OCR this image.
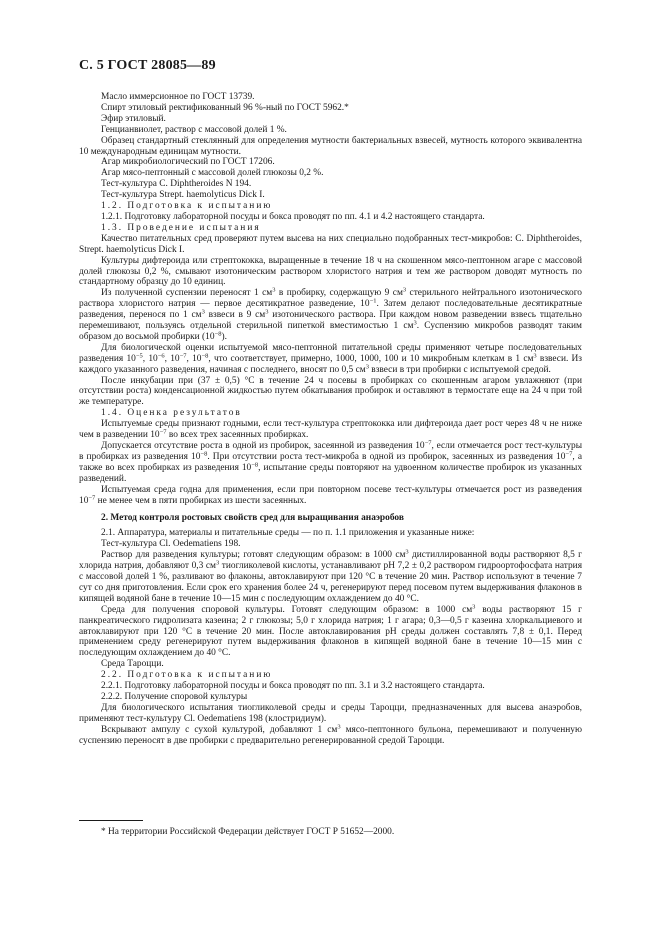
С. 5 ГОСТ 28085—89

Масло иммерсионное по ГОСТ 13739.

Спирт этиловый ректификованный 96 %-ный по ГОСТ 5962.*

Эфир этиловый.

Генцианвиолет, раствор с массовой долей 1 %.

Образец стандартный стеклянный для определения мутности бактериальных взвесей, мутность которого эквивалентна 10 международным единицам мутности.

Агар микробиологический по ГОСТ 17206.

Агар мясо-пептонный с массовой долей глюкозы 0,2 %.

Тест-культура C. Diphtheroides N 194.

Тест-культура Strept. haemolyticus Dick I.

1.2. Подготовка к испытанию

1.2.1. Подготовку лабораторной посуды и бокса проводят по пп. 4.1 и 4.2 настоящего стандарта.

1.3. Проведение испытания

Качество питательных сред проверяют путем высева на них специально подобранных тест-микробов: C. Diphtheroides, Strept. haemolyticus Dick I.

Культуры дифтероида или стрептококка, выращенные в течение 18 ч на скошенном мясо-пептонном агаре с массовой долей глюкозы 0,2 %, смывают изотоническим раствором хлористого натрия и тем же раствором доводят мутность по стандартному образцу до 10 единиц.

Из полученной суспензии переносят 1 $см^3$ в пробирку, содержащую 9 $см^3$ стерильного нейтрального изотонического раствора хлористого натрия — первое десятикратное разведение, $10^{-1}$. Затем делают последовательные десятикратные разведения, перенося по 1 $см^3$ взвеси в 9 $см^3$ изотонического раствора. При каждом новом разведении взвесь тщательно перемешивают, пользуясь отдельной стерильной пипеткой вместимостью 1 $см^3$. Суспензию микробов разводят таким образом до восьмой пробирки $(10^{-8})$.

Для биологической оценки испытуемой мясо-пептонной питательной среды применяют четыре последовательных разведения $10^{-5}$, $10^{-6}$, $10^{-7}$, $10^{-8}$, что соответствует, примерно, 1000, 1000, 100 и 10 микробным клеткам в 1 $см^3$ взвеси. Из каждого указанного разведения, начиная с последнего, вносят по 0,5 $см^3$ взвеси в три пробирки с испытуемой средой.

После инкубации при (37 ± 0,5) °С в течение 24 ч посевы в пробирках со скошенным агаром увлажняют (при отсутствии роста) конденсационной жидкостью путем обкатывания пробирок и оставляют в термостате еще на 24 ч при той же температуре.

1.4. Оценка результатов

Испытуемые среды признают годными, если тест-культура стрептококка или дифтероида дает рост через 48 ч не ниже чем в разведении $10^{-7}$ во всех трех засеянных пробирках.

Допускается отсутствие роста в одной из пробирок, засеянной из разведения $10^{-7}$, если отмечается рост тест-культуры в пробирках из разведения $10^{-8}$. При отсутствии роста тест-микроба в одной из пробирок, засеянных из разведения $10^{-7}$, а также во всех пробирках из разведения $10^{-8}$, испытание среды повторяют на удвоенном количестве пробирок из указанных разведений.

Испытуемая среда годна для применения, если при повторном посеве тест-культуры отмечается рост из разведения $10^{-7}$ не менее чем в пяти пробирках из шести засеянных.

2. Метод контроля ростовых свойств сред для выращивания анаэробов

2.1. Аппаратура, материалы и питательные среды — по п. 1.1 приложения и указанные ниже:

Тест-культура Cl. Oedematiens 198.

Раствор для разведения культуры; готовят следующим образом: в 1000 $см^3$ дистиллированной воды растворяют 8,5 г хлорида натрия, добавляют 0,3 $см^3$ тиогликолевой кислоты, устанавливают рН 7,2 ± 0,2 раствором гидроортофосфата натрия с массовой долей 1 %, разливают во флаконы, автоклавируют при 120 °С в течение 20 мин. Раствор используют в течение 7 сут со дня приготовления. Если срок его хранения более 24 ч, регенерируют перед посевом путем выдерживания флаконов в кипящей водяной бане в течение 10—15 мин с последующим охлаждением до 40 °С.

Среда для получения споровой культуры. Готовят следующим образом: в 1000 $см^3$ воды растворяют 15 г панкреатического гидролизата казеина; 2 г глюкозы; 5,0 г хлорида натрия; 1 г агара; 0,3—0,5 г казеина хлоркальциевого и автоклавируют при 120 °С в течение 20 мин. После автоклавирования рН среды должен составлять 7,8 ± 0,1. Перед применением среду регенерируют путем выдерживания флаконов в кипящей водяной бане в течение 10—15 мин с последующим охлаждением до 40 °С.

Среда Тароцци.

2.2. Подготовка к испытанию

2.2.1. Подготовку лабораторной посуды и бокса проводят по пп. 3.1 и 3.2 настоящего стандарта.

2.2.2. Получение споровой культуры

Для биологического испытания тиогликолевой среды и среды Тароцци, предназначенных для высева анаэробов, применяют тест-культуру Cl. Oedematiens 198 (клостридиум).

Вскрывают ампулу с сухой культурой, добавляют 1 $см^3$ мясо-пептонного бульона, перемешивают и полученную суспензию переносят в две пробирки с предварительно регенерированной средой Тароцци.

* На территории Российской Федерации действует ГОСТ Р 51652—2000.
